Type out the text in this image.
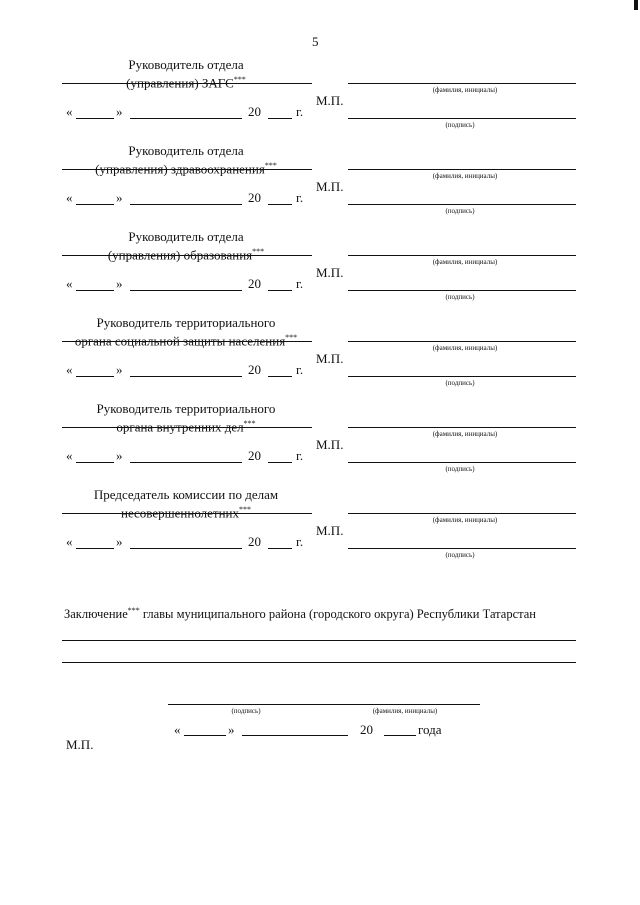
5
Руководитель отдела
(управления) ЗАГС***
(фамилия, инициалы)
М.П.
«	»	20	г.
(подпись)
Руководитель отдела
(управления) здравоохранения***
(фамилия, инициалы)
М.П.
«	»	20	г.
(подпись)
Руководитель отдела
(управления) образования***
(фамилия, инициалы)
М.П.
«	»	20	г.
(подпись)
Руководитель территориального
органа социальной защиты населения***
(фамилия, инициалы)
М.П.
«	»	20	г.
(подпись)
Руководитель территориального
органа внутренних дел***
(фамилия, инициалы)
М.П.
«	»	20	г.
(подпись)
Председатель комиссии по делам
несовершеннолетних***
(фамилия, инициалы)
М.П.
«	»	20	г.
(подпись)
Заключение*** главы муниципального района (городского округа) Республики Татарстан
(подпись)	(фамилия, инициалы)
«	»	20	года
М.П.
